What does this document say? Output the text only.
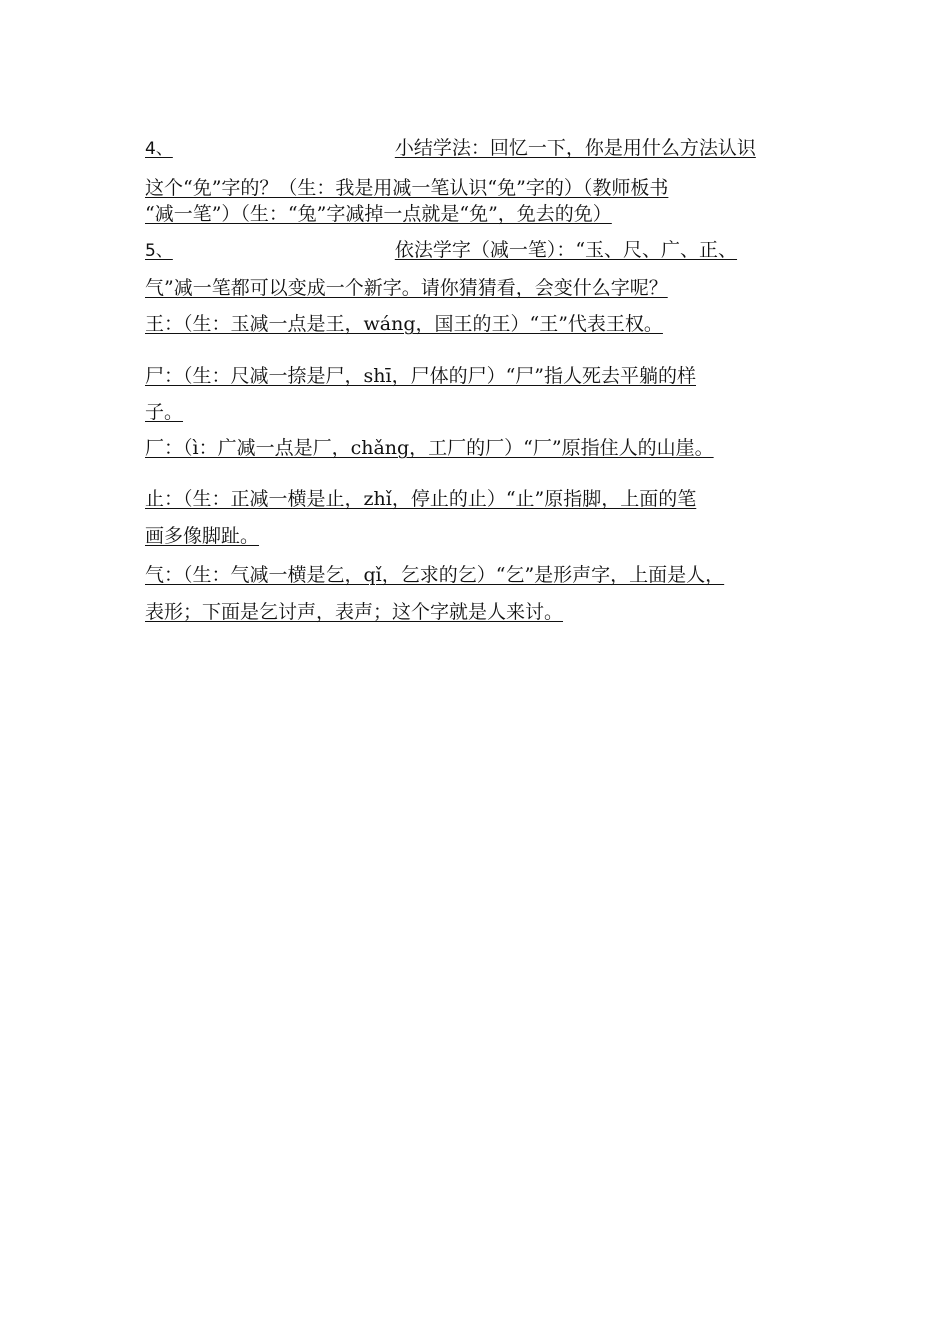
4、	小结学法：回忆一下，你是用什么方法认识
这个“免”字的？（生：我是用减一笔认识“免”字的）（教师板书
“减一笔”）（生：“兔”字减掉一点就是“免”，免去的免）
5、	依法学字（减一笔）：“玉、尺、广、正、
气”减一笔都可以变成一个新字。请你猜猜看，会变什么字呢？
王：（生：玉减一点是王，wáng，国王的王）“王”代表王权。
尸：（生：尺减一捺是尸，shī，尸体的尸）“尸”指人死去平躺的样
子。
厂：（ì：广减一点是厂，chǎng，工厂的厂）“厂”原指住人的山崖。
止：（生：正减一横是止，zhǐ，停止的止）“止”原指脚，上面的笔
画多像脚趾。
气：（生：气减一横是乞，qǐ，乞求的乞）“乞”是形声字，上面是人，
表形；下面是乞讨声，表声；这个字就是人来讨。
